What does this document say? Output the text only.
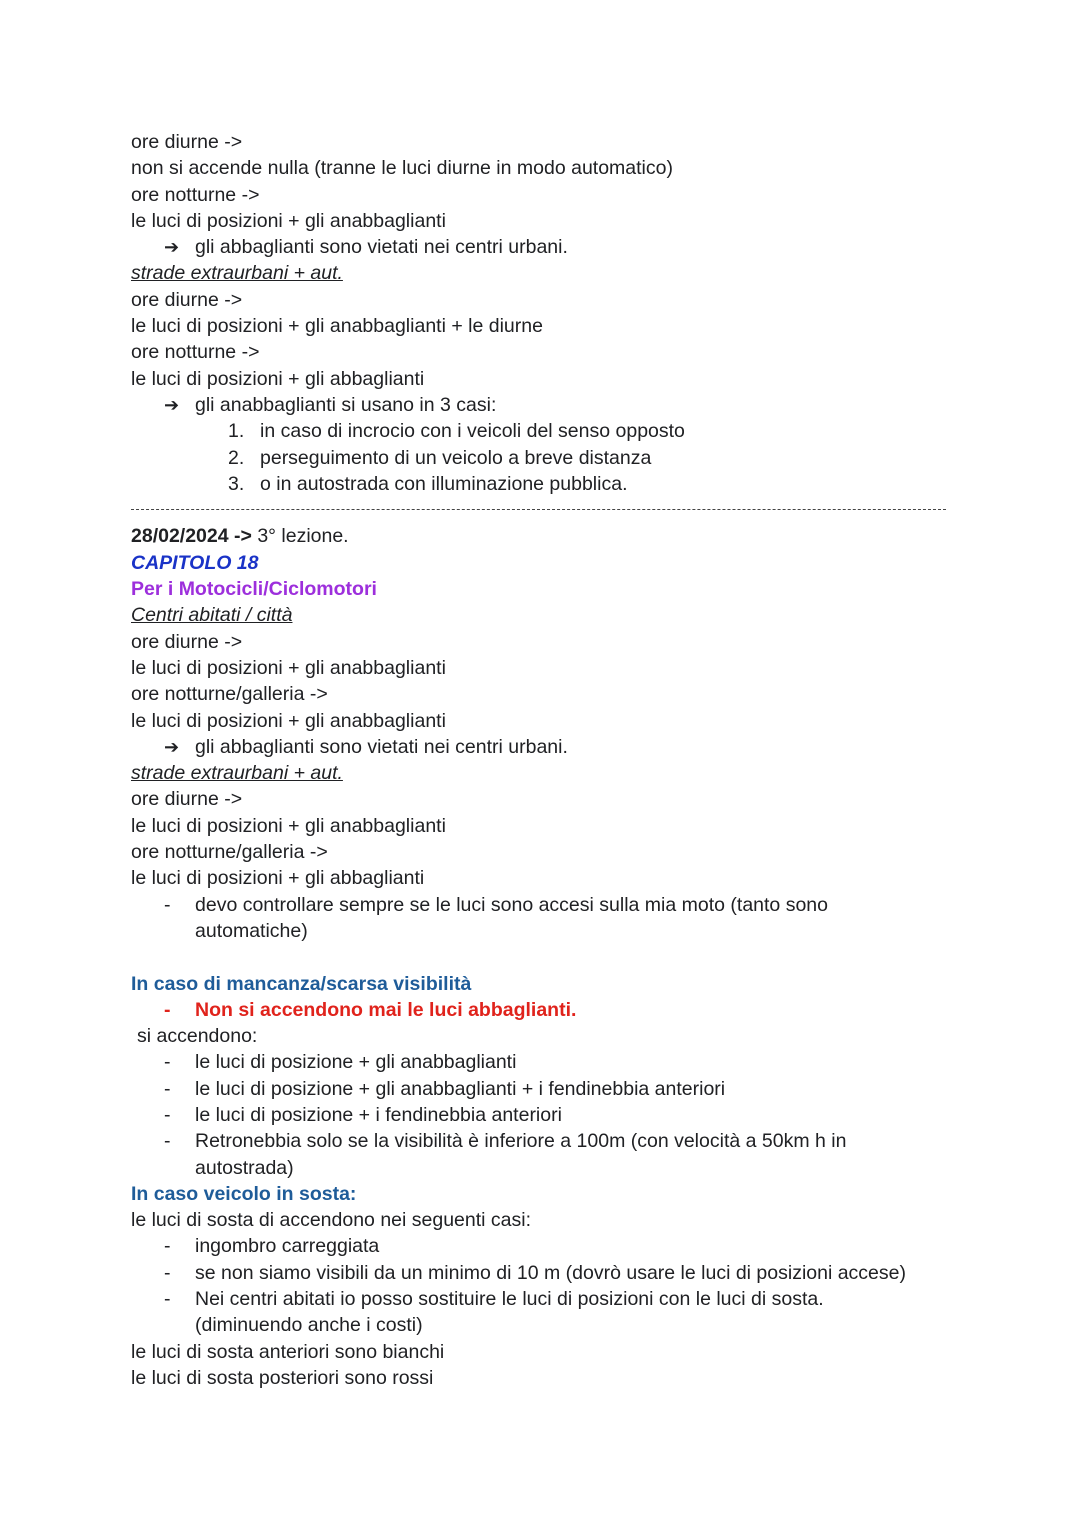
ore diurne ->
non si accende nulla (tranne le luci diurne in modo automatico)
ore notturne ->
le luci di posizioni + gli anabbaglianti
➔ gli abbaglianti sono vietati nei centri urbani.
strade extraurbani + aut.
ore diurne ->
le luci di posizioni + gli anabbaglianti + le diurne
ore notturne ->
le luci di posizioni + gli abbaglianti
➔ gli anabbaglianti si usano in 3 casi:
1. in caso di incrocio con i veicoli del senso opposto
2. perseguimento di un veicolo a breve distanza
3. o in autostrada con illuminazione pubblica.
28/02/2024 -> 3° lezione.
CAPITOLO 18
Per i Motocicli/Ciclomotori
Centri abitati / città
ore diurne ->
le luci di posizioni + gli anabbaglianti
ore notturne/galleria ->
le luci di posizioni + gli anabbaglianti
➔ gli abbaglianti sono vietati nei centri urbani.
strade extraurbani + aut.
ore diurne ->
le luci di posizioni + gli anabbaglianti
ore notturne/galleria ->
le luci di posizioni + gli abbaglianti
- devo controllare sempre se le luci sono accesi sulla mia moto (tanto sono automatiche)
In caso di mancanza/scarsa visibilità
- Non si accendono mai le luci abbaglianti.
si accendono:
- le luci di posizione + gli anabbaglianti
- le luci di posizione + gli anabbaglianti + i fendinebbia anteriori
- le luci di posizione + i fendinebbia anteriori
- Retronebbia solo se la visibilità è inferiore a 100m (con velocità a 50km h in autostrada)
In caso veicolo in sosta:
le luci di sosta di accendono nei seguenti casi:
- ingombro carreggiata
- se non siamo visibili da un minimo di 10 m (dovrò usare le luci di posizioni accese)
- Nei centri abitati io posso sostituire le luci di posizioni con le luci di sosta. (diminuendo anche i costi)
le luci di sosta anteriori sono bianchi
le luci di sosta posteriori sono rossi
